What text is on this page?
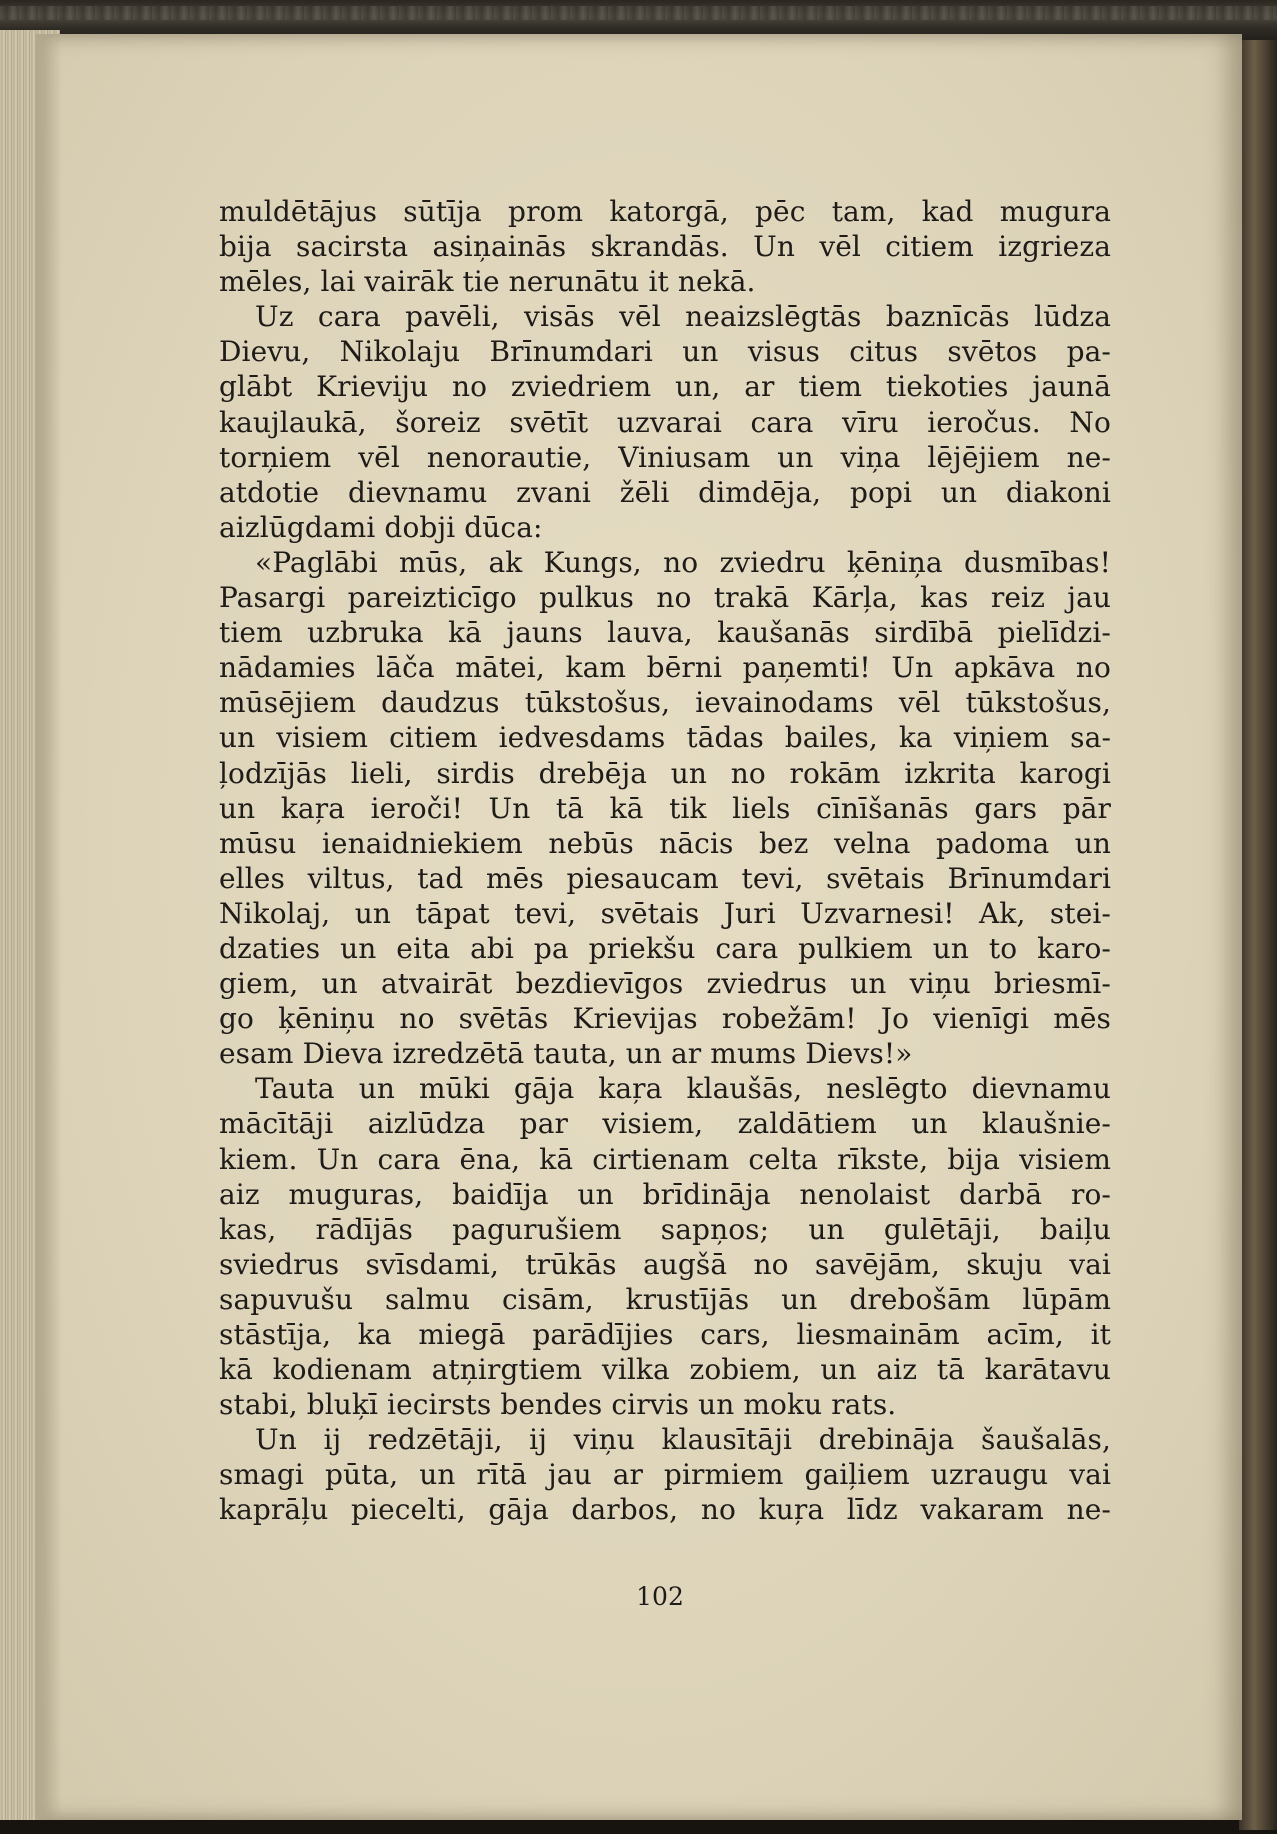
muldētājus sūtīja prom katorgā, pēc tam, kad mugura
bija sacirsta asiņainās skrandās. Un vēl citiem izgrieza
mēles, lai vairāk tie nerunātu it nekā.
Uz cara pavēli, visās vēl neaizslēgtās baznīcās lūdza
Dievu, Nikolaju Brīnumdari un visus citus svētos pa-
glābt Krieviju no zviedriem un, ar tiem tiekoties jaunā
kaujlaukā, šoreiz svētīt uzvarai cara vīru ieročus. No
torņiem vēl nenorautie, Viniusam un viņa lējējiem ne-
atdotie dievnamu zvani žēli dimdēja, popi un diakoni
aizlūgdami dobji dūca:
«Paglābi mūs, ak Kungs, no zviedru ķēniņa dusmības!
Pasargi pareizticīgo pulkus no trakā Kārļa, kas reiz jau
tiem uzbruka kā jauns lauva, kaušanās sirdībā pielīdzi-
nādamies lāča mātei, kam bērni paņemti! Un apkāva no
mūsējiem daudzus tūkstošus, ievainodams vēl tūkstošus,
un visiem citiem iedvesdams tādas bailes, ka viņiem sa-
ļodzījās lieli, sirdis drebēja un no rokām izkrita karogi
un kaŗa ieroči! Un tā kā tik liels cīnīšanās gars pār
mūsu ienaidniekiem nebūs nācis bez velna padoma un
elles viltus, tad mēs piesaucam tevi, svētais Brīnumdari
Nikolaj, un tāpat tevi, svētais Juri Uzvarnesi! Ak, stei-
dzaties un eita abi pa priekšu cara pulkiem un to karo-
giem, un atvairāt bezdievīgos zviedrus un viņu briesmī-
go ķēniņu no svētās Krievijas robežām! Jo vienīgi mēs
esam Dieva izredzētā tauta, un ar mums Dievs!»
Tauta un mūki gāja kaŗa klaušās, neslēgto dievnamu
mācītāji aizlūdza par visiem, zaldātiem un klaušnie-
kiem. Un cara ēna, kā cirtienam celta rīkste, bija visiem
aiz muguras, baidīja un brīdināja nenolaist darbā ro-
kas, rādījās pagurušiem sapņos; un gulētāji, baiļu
sviedrus svīsdami, trūkās augšā no savējām, skuju vai
sapuvušu salmu cisām, krustījās un drebošām lūpām
stāstīja, ka miegā parādījies cars, liesmainām acīm, it
kā kodienam atņirgtiem vilka zobiem, un aiz tā karātavu
stabi, bluķī iecirsts bendes cirvis un moku rats.
Un ij redzētāji, ij viņu klausītāji drebināja šaušalās,
smagi pūta, un rītā jau ar pirmiem gaiļiem uzraugu vai
kaprāļu piecelti, gāja darbos, no kuŗa līdz vakaram ne-
102
